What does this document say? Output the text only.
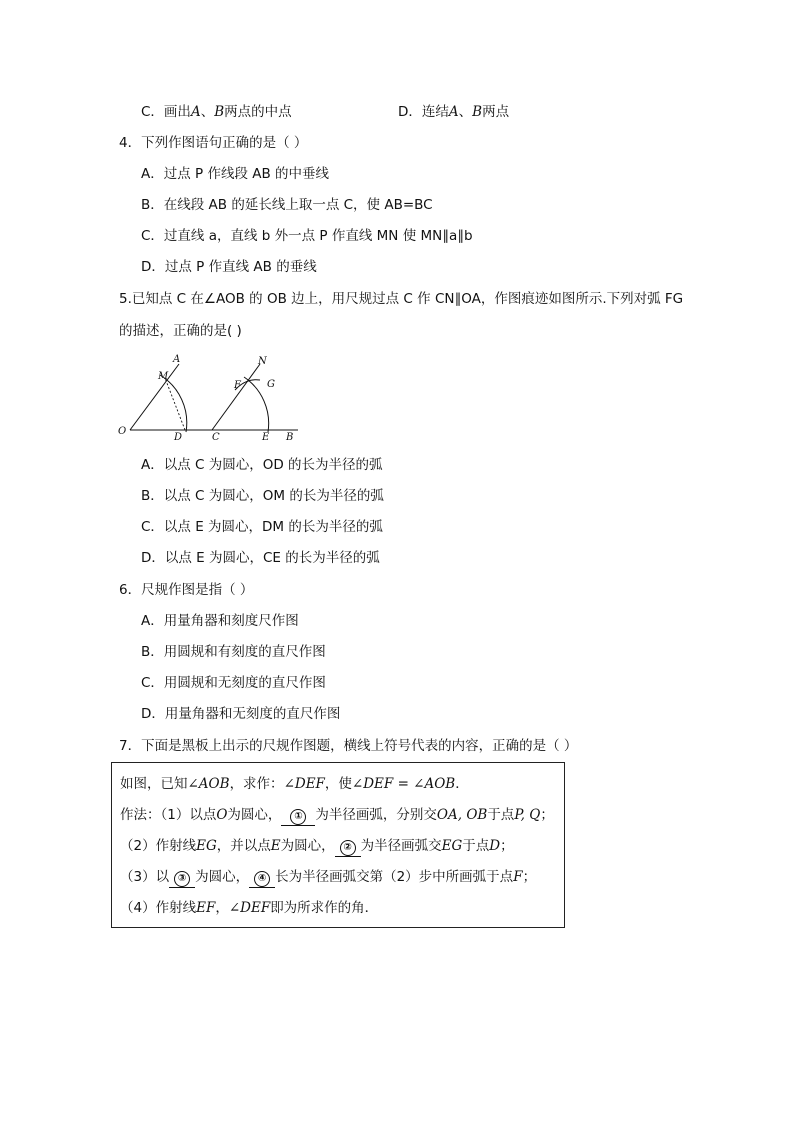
C．画出A、B两点的中点	D．连结A、B两点
4．下列作图语句正确的是（ ）
A．过点 P 作线段 AB 的中垂线
B．在线段 AB 的延长线上取一点 C，使 AB=BC
C．过直线 a，直线 b 外一点 P 作直线 MN 使 MN∥a∥b
D．过点 P 作直线 AB 的垂线
5.已知点 C 在∠AOB 的 OB 边上，用尺规过点 C 作 CN∥OA，作图痕迹如图所示.下列对弧 FG
的描述，正确的是( )
A
M
O
D	C
N
F	G
E B
A．以点 C 为圆心，OD 的长为半径的弧
B．以点 C 为圆心，OM 的长为半径的弧
C．以点 E 为圆心，DM 的长为半径的弧
D．以点 E 为圆心，CE 的长为半径的弧
6．尺规作图是指（ ）
A．用量角器和刻度尺作图
B．用圆规和有刻度的直尺作图
C．用圆规和无刻度的直尺作图
D．用量角器和无刻度的直尺作图
7．下面是黑板上出示的尺规作图题，横线上符号代表的内容，正确的是（ ）
如图，已知∠AOB，求作：∠DEF，使∠DEF = ∠AOB．
作法：（1）以点O为圆心， ① 为半径画弧，分别交OA, OB于点P, Q；
（2）作射线EG，并以点E为圆心， ② 为半径画弧交EG于点D；
（3）以 ③ 为圆心， ④ 长为半径画弧交第（2）步中所画弧于点F；
（4）作射线EF，∠DEF即为所求作的角．
